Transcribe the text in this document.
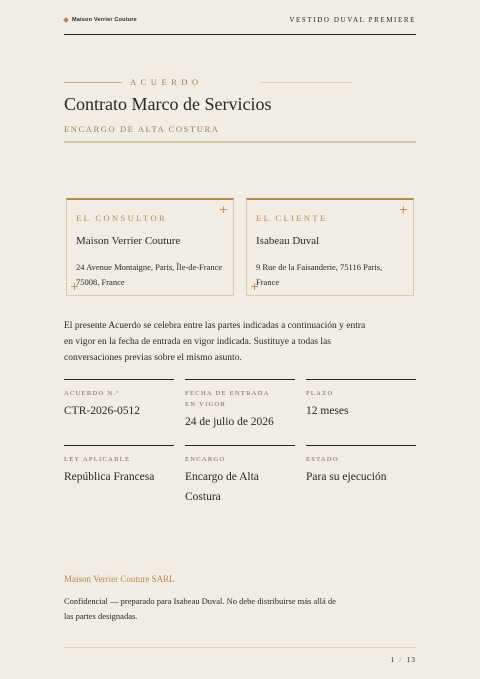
Maison Verrier Couture	VESTIDO DUVAL PREMIERE
ACUERDO
Contrato Marco de Servicios
ENCARGO DE ALTA COSTURA
+
+
EL CONSULTOR
Maison Verrier Couture
24 Avenue Montaigne, Paris, Île-de-France 75008, France
+
+
EL CLIENTE
Isabeau Duval
9 Rue de la Faisanderie, 75116 Paris, France
El presente Acuerdo se celebra entre las partes indicadas a continuación y entra en vigor en la fecha de entrada en vigor indicada. Sustituye a todas las conversaciones previas sobre el mismo asunto.
ACUERDO N.º
CTR-2026-0512
FECHA DE ENTRADA EN VIGOR
24 de julio de 2026
PLAZO
12 meses
LEY APLICABLE
República Francesa
ENCARGO
Encargo de Alta Costura
ESTADO
Para su ejecución
Maison Verrier Couture SARL
Confidencial — preparado para Isabeau Duval. No debe distribuirse más allá de las partes designadas.
1 / 13
